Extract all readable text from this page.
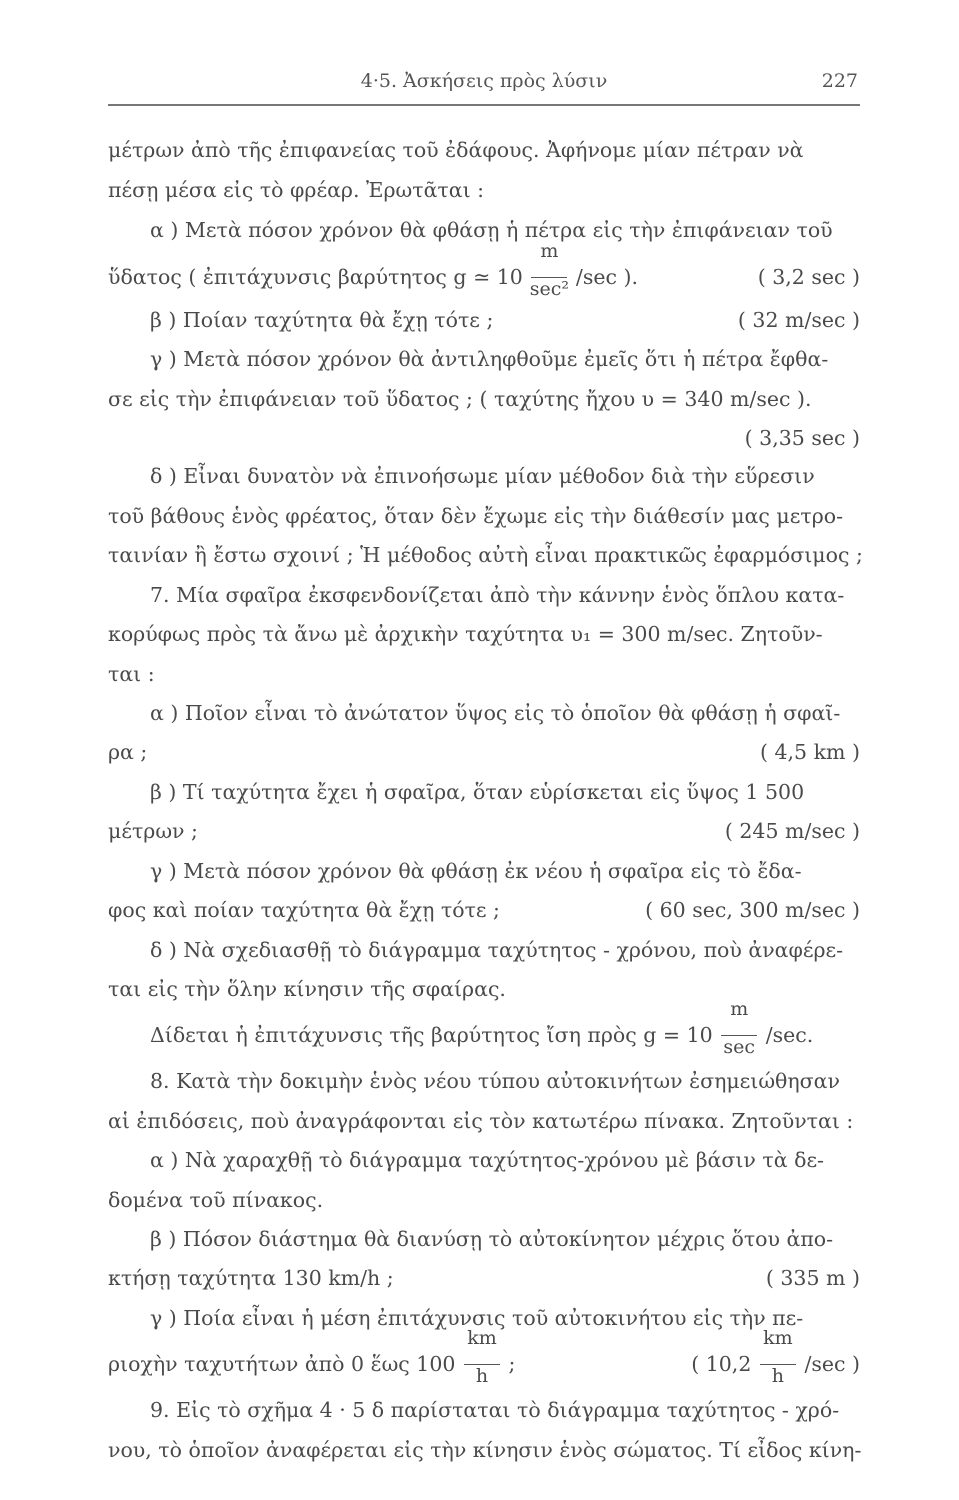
4·5. Ἀσκήσεις πρὸς λύσιν	227
μέτρων ἀπὸ τῆς ἐπιφανείας τοῦ ἐδάφους. Ἀφήνομε μίαν πέτραν νὰ
πέσῃ μέσα εἰς τὸ φρέαρ. Ἐρωτᾶται :
α ) Μετὰ πόσον χρόνον θὰ φθάσῃ ἡ πέτρα εἰς τὴν ἐπιφάνειαν τοῦ
ὕδατος ( ἐπιτάχυνσις βαρύτητος g ≃ $10 \frac{m}{\text{sec²}} /\sec$ ).	( 3,2 sec )
β ) Ποίαν ταχύτητα θὰ ἔχῃ τότε ;	( 32 m/sec )
γ ) Μετὰ πόσον χρόνον θὰ ἀντιληφθοῦμε ἐμεῖς ὅτι ἡ πέτρα ἔφθα-
σε εἰς τὴν ἐπιφάνειαν τοῦ ὕδατος ; ( ταχύτης ἤχου υ = 340 m/sec ).
( 3,35 sec )
δ ) Εἶναι δυνατὸν νὰ ἐπινοήσωμε μίαν μέθοδον διὰ τὴν εὕρεσιν
τοῦ βάθους ἑνὸς φρέατος, ὅταν δὲν ἔχωμε εἰς τὴν διάθεσίν μας μετρο-
ταινίαν ἢ ἔστω σχοινί ; Ἡ μέθοδος αὐτὴ εἶναι πρακτικῶς ἐφαρμόσιμος ;
7. Μία σφαῖρα ἐκσφενδονίζεται ἀπὸ τὴν κάννην ἑνὸς ὅπλου κατα-
κορύφως πρὸς τὰ ἄνω μὲ ἀρχικὴν ταχύτητα υ₁ = 300 m/sec. Ζητοῦν-
ται :
α ) Ποῖον εἶναι τὸ ἀνώτατον ὕψος εἰς τὸ ὁποῖον θὰ φθάσῃ ἡ σφαῖ-
ρα ;	( 4,5 km )
β ) Τί ταχύτητα ἔχει ἡ σφαῖρα, ὅταν εὑρίσκεται εἰς ὕψος 1 500
μέτρων ;	( 245 m/sec )
γ ) Μετὰ πόσον χρόνον θὰ φθάσῃ ἐκ νέου ἡ σφαῖρα εἰς τὸ ἔδα-
φος καὶ ποίαν ταχύτητα θὰ ἔχῃ τότε ;	( 60 sec, 300 m/sec )
δ ) Νὰ σχεδιασθῇ τὸ διάγραμμα ταχύτητος - χρόνου, ποὺ ἀναφέρε-
ται εἰς τὴν ὅλην κίνησιν τῆς σφαίρας.
Δίδεται ἡ ἐπιτάχυνσις τῆς βαρύτητος ἴση πρὸς $g = 10 \frac{m}{\sec} /\sec$.
8. Κατὰ τὴν δοκιμὴν ἑνὸς νέου τύπου αὐτοκινήτων ἐσημειώθησαν
αἱ ἐπιδόσεις, ποὺ ἀναγράφονται εἰς τὸν κατωτέρω πίνακα. Ζητοῦνται :
α ) Νὰ χαραχθῇ τὸ διάγραμμα ταχύτητος-χρόνου μὲ βάσιν τὰ δε-
δομένα τοῦ πίνακος.
β ) Πόσον διάστημα θὰ διανύσῃ τὸ αὐτοκίνητον μέχρις ὅτου ἀπο-
κτήσῃ ταχύτητα 130 km/h ;	( 335 m )
γ ) Ποία εἶναι ἡ μέση ἐπιτάχυνσις τοῦ αὐτοκινήτου εἰς τὴν πε-
ριοχὴν ταχυτήτων ἀπὸ 0 ἕως $100 \frac{km}{h}$ ;	( $10,2 \frac{km}{h} /\sec$ )
9. Εἰς τὸ σχῆμα 4 · 5 δ παρίσταται τὸ διάγραμμα ταχύτητος - χρό-
νου, τὸ ὁποῖον ἀναφέρεται εἰς τὴν κίνησιν ἑνὸς σώματος. Τί εἶδος κίνη-
